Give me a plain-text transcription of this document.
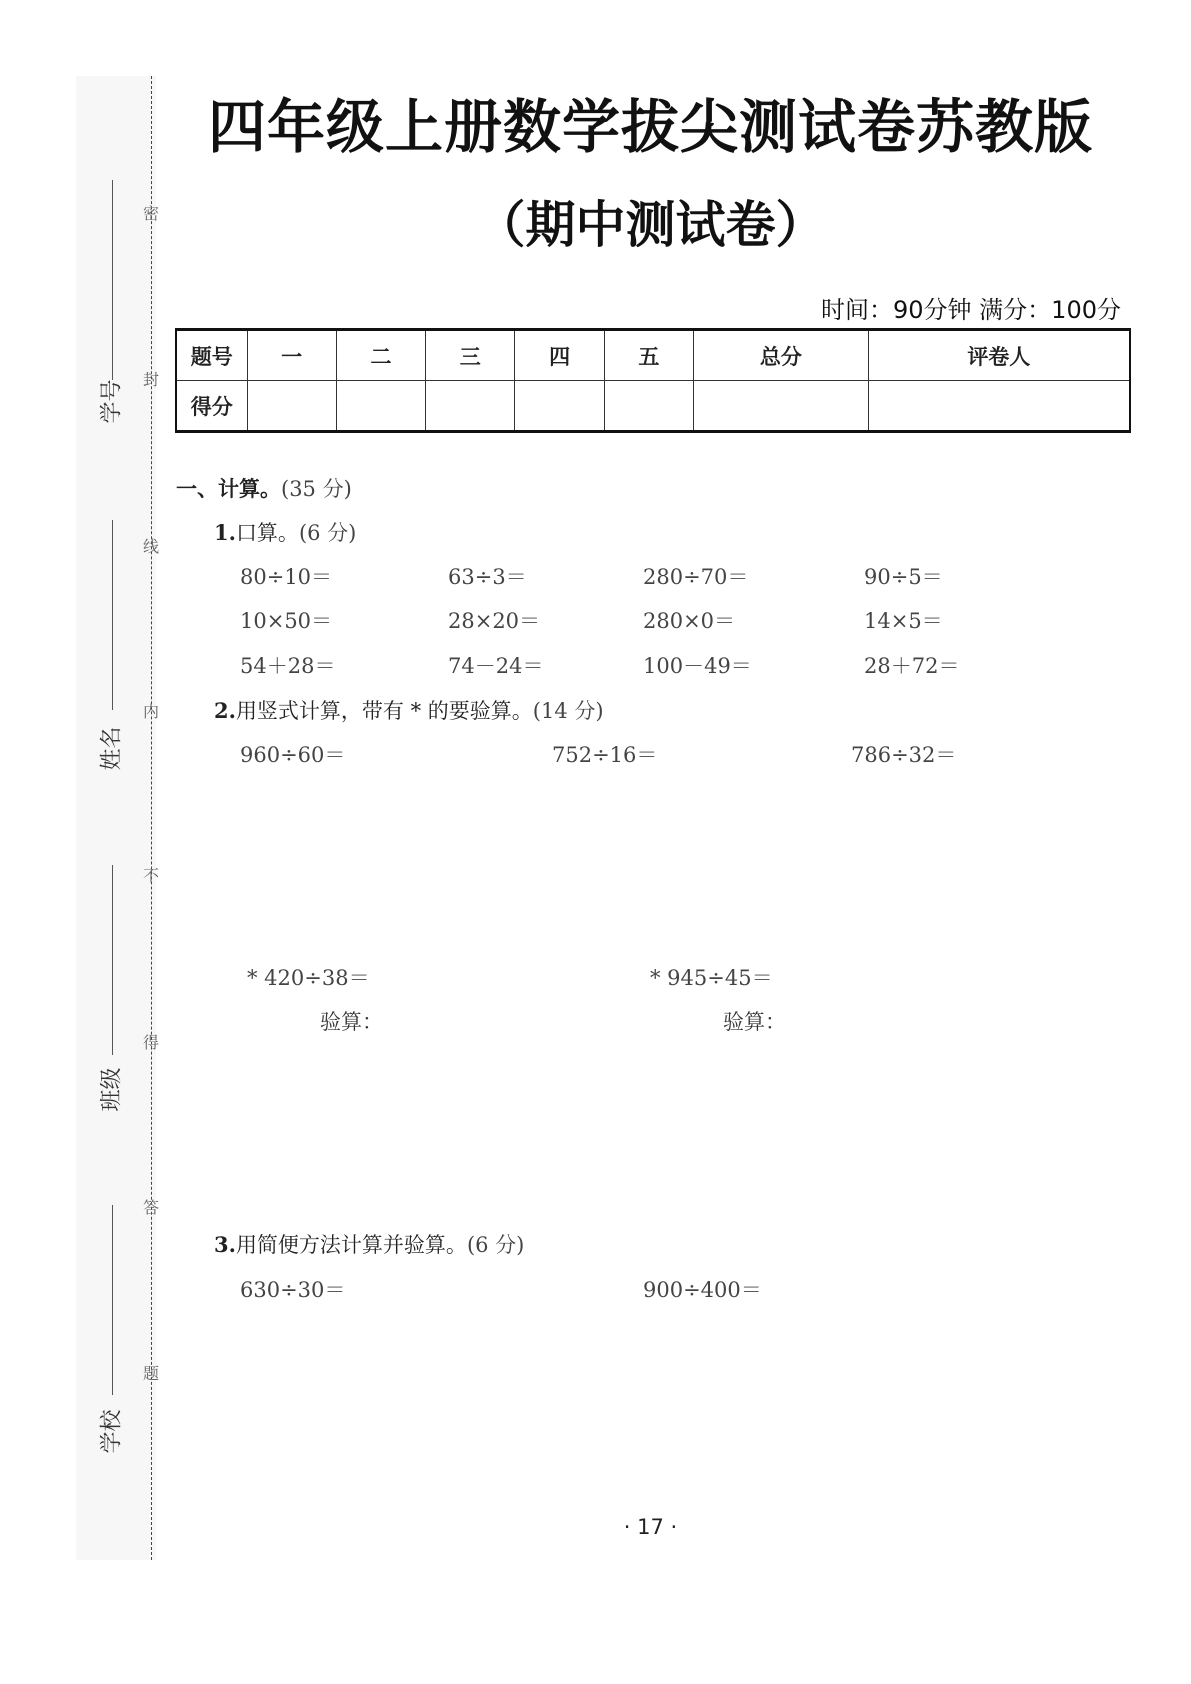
密
封
线
内
不
得
答
题
学号
姓名
班级
学校
四年级上册数学拔尖测试卷苏教版
（期中测试卷）
时间：90分钟 满分：100分
题号	一	二	三	四	五	总分	评卷人
得分							
一、计算。(35 分)
1.口算。(6 分)
80÷10＝	63÷3＝	280÷70＝	90÷5＝
10×50＝	28×20＝	280×0＝	14×5＝
54＋28＝	74－24＝	100－49＝	28＋72＝
2.用竖式计算，带有 * 的要验算。(14 分)
960÷60＝	752÷16＝	786÷32＝
* 420÷38＝	* 945÷45＝
验算：	验算：
3.用简便方法计算并验算。(6 分)
630÷30＝	900÷400＝
· 17 ·
